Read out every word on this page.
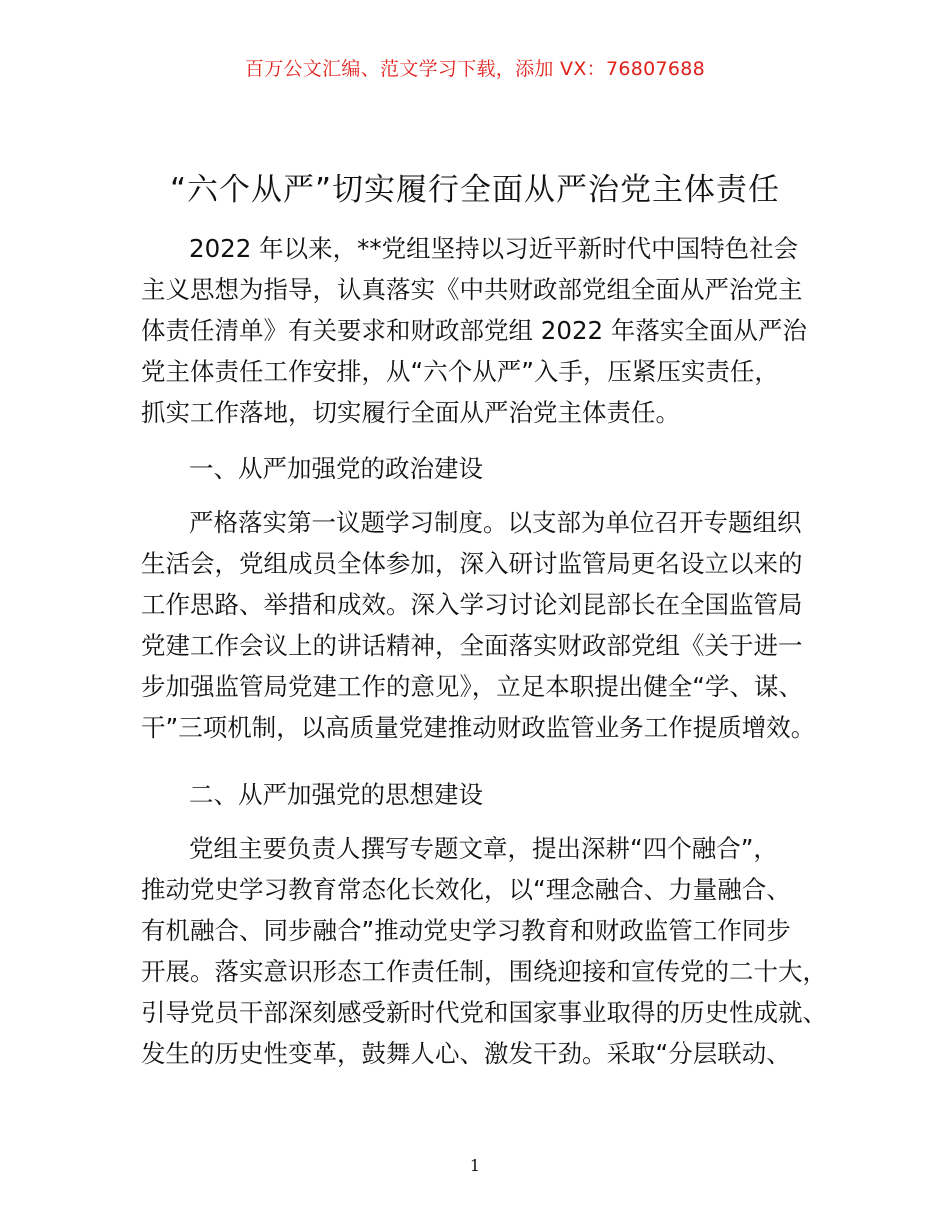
百万公文汇编、范文学习下载，添加 VX：76807688
“六个从严”切实履行全面从严治党主体责任
2022 年以来，**党组坚持以习近平新时代中国特色社会
主义思想为指导，认真落实《中共财政部党组全面从严治党主
体责任清单》有关要求和财政部党组 2022 年落实全面从严治
党主体责任工作安排，从“六个从严”入手，压紧压实责任，
抓实工作落地，切实履行全面从严治党主体责任。
一、从严加强党的政治建设
严格落实第一议题学习制度。以支部为单位召开专题组织
生活会，党组成员全体参加，深入研讨监管局更名设立以来的
工作思路、举措和成效。深入学习讨论刘昆部长在全国监管局
党建工作会议上的讲话精神，全面落实财政部党组《关于进一
步加强监管局党建工作的意见》，立足本职提出健全“学、谋、
干”三项机制，以高质量党建推动财政监管业务工作提质增效。
二、从严加强党的思想建设
党组主要负责人撰写专题文章，提出深耕“四个融合”，
推动党史学习教育常态化长效化，以“理念融合、力量融合、
有机融合、同步融合”推动党史学习教育和财政监管工作同步
开展。落实意识形态工作责任制，围绕迎接和宣传党的二十大，
引导党员干部深刻感受新时代党和国家事业取得的历史性成就、
发生的历史性变革，鼓舞人心、激发干劲。采取“分层联动、
1
